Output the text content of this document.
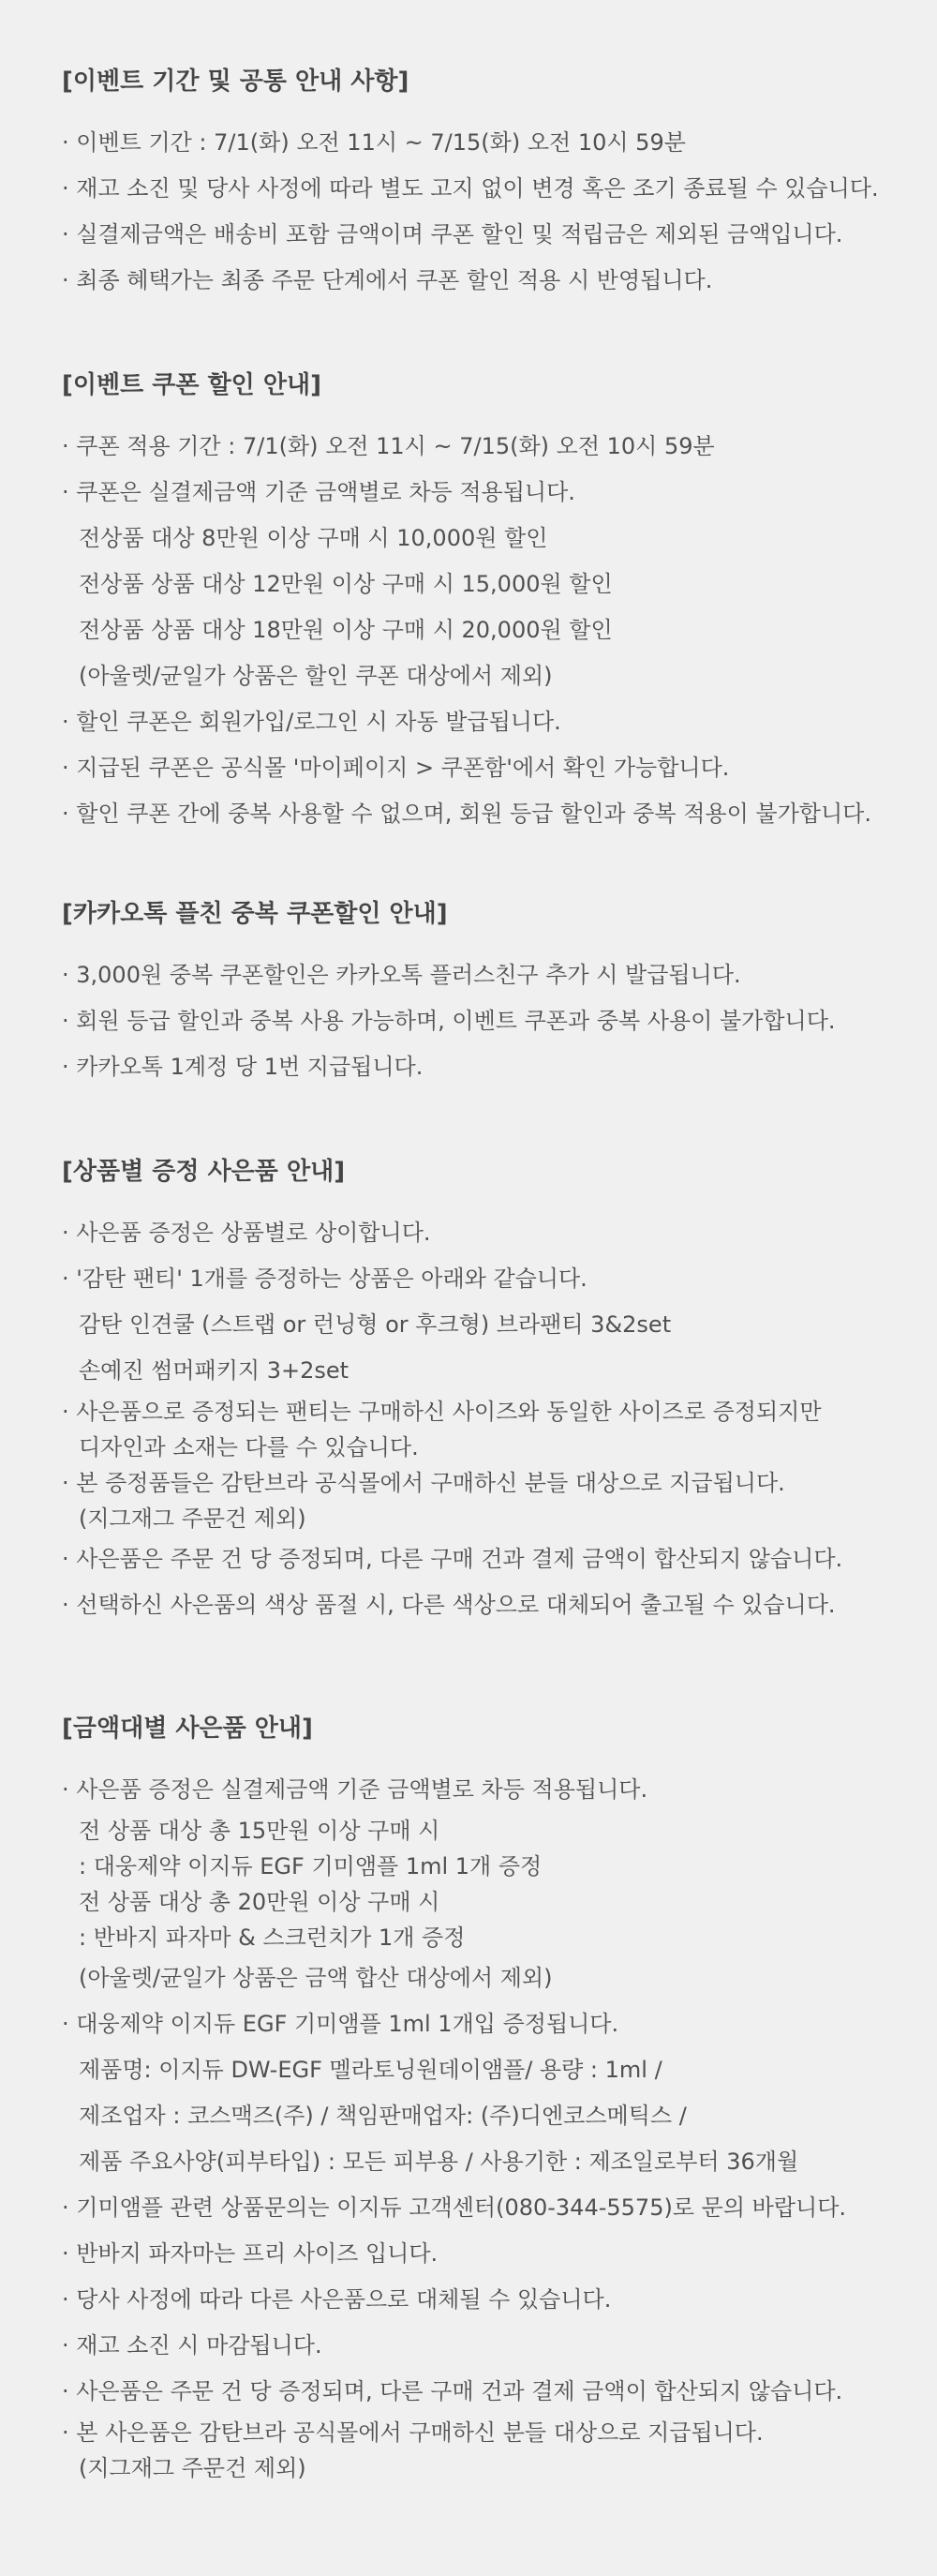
[이벤트 기간 및 공통 안내 사항]
· 이벤트 기간 : 7/1(화) 오전 11시 ~ 7/15(화) 오전 10시 59분
· 재고 소진 및 당사 사정에 따라 별도 고지 없이 변경 혹은 조기 종료될 수 있습니다.
· 실결제금액은 배송비 포함 금액이며 쿠폰 할인 및 적립금은 제외된 금액입니다.
· 최종 혜택가는 최종 주문 단계에서 쿠폰 할인 적용 시 반영됩니다.
[이벤트 쿠폰 할인 안내]
· 쿠폰 적용 기간 : 7/1(화) 오전 11시 ~ 7/15(화) 오전 10시 59분
· 쿠폰은 실결제금액 기준 금액별로 차등 적용됩니다.
전상품 대상 8만원 이상 구매 시 10,000원 할인
전상품 상품 대상 12만원 이상 구매 시 15,000원 할인
전상품 상품 대상 18만원 이상 구매 시 20,000원 할인
(아울렛/균일가 상품은 할인 쿠폰 대상에서 제외)
· 할인 쿠폰은 회원가입/로그인 시 자동 발급됩니다.
· 지급된 쿠폰은 공식몰 '마이페이지 > 쿠폰함'에서 확인 가능합니다.
· 할인 쿠폰 간에 중복 사용할 수 없으며, 회원 등급 할인과 중복 적용이 불가합니다.
[카카오톡 플친 중복 쿠폰할인 안내]
· 3,000원 중복 쿠폰할인은 카카오톡 플러스친구 추가 시 발급됩니다.
· 회원 등급 할인과 중복 사용 가능하며, 이벤트 쿠폰과 중복 사용이 불가합니다.
· 카카오톡 1계정 당 1번 지급됩니다.
[상품별 증정 사은품 안내]
· 사은품 증정은 상품별로 상이합니다.
· '감탄 팬티' 1개를 증정하는 상품은 아래와 같습니다.
감탄 인견쿨 (스트랩 or 런닝형 or 후크형) 브라팬티 3&2set
손예진 썸머패키지 3+2set
· 사은품으로 증정되는 팬티는 구매하신 사이즈와 동일한 사이즈로 증정되지만
디자인과 소재는 다를 수 있습니다.
· 본 증정품들은 감탄브라 공식몰에서 구매하신 분들 대상으로 지급됩니다.
(지그재그 주문건 제외)
· 사은품은 주문 건 당 증정되며, 다른 구매 건과 결제 금액이 합산되지 않습니다.
· 선택하신 사은품의 색상 품절 시, 다른 색상으로 대체되어 출고될 수 있습니다.
[금액대별 사은품 안내]
· 사은품 증정은 실결제금액 기준 금액별로 차등 적용됩니다.
전 상품 대상 총 15만원 이상 구매 시
: 대웅제약 이지듀 EGF 기미앰플 1ml 1개 증정
전 상품 대상 총 20만원 이상 구매 시
: 반바지 파자마 & 스크런치가 1개 증정
(아울렛/균일가 상품은 금액 합산 대상에서 제외)
· 대웅제약 이지듀 EGF 기미앰플 1ml 1개입 증정됩니다.
제품명: 이지듀 DW-EGF 멜라토닝원데이앰플/ 용량 : 1ml /
제조업자 : 코스맥즈(주) / 책임판매업자: (주)디엔코스메틱스 /
제품 주요사양(피부타입) : 모든 피부용 / 사용기한 : 제조일로부터 36개월
· 기미앰플 관련 상품문의는 이지듀 고객센터(080-344-5575)로 문의 바랍니다.
· 반바지 파자마는 프리 사이즈 입니다.
· 당사 사정에 따라 다른 사은품으로 대체될 수 있습니다.
· 재고 소진 시 마감됩니다.
· 사은품은 주문 건 당 증정되며, 다른 구매 건과 결제 금액이 합산되지 않습니다.
· 본 사은품은 감탄브라 공식몰에서 구매하신 분들 대상으로 지급됩니다.
(지그재그 주문건 제외)
